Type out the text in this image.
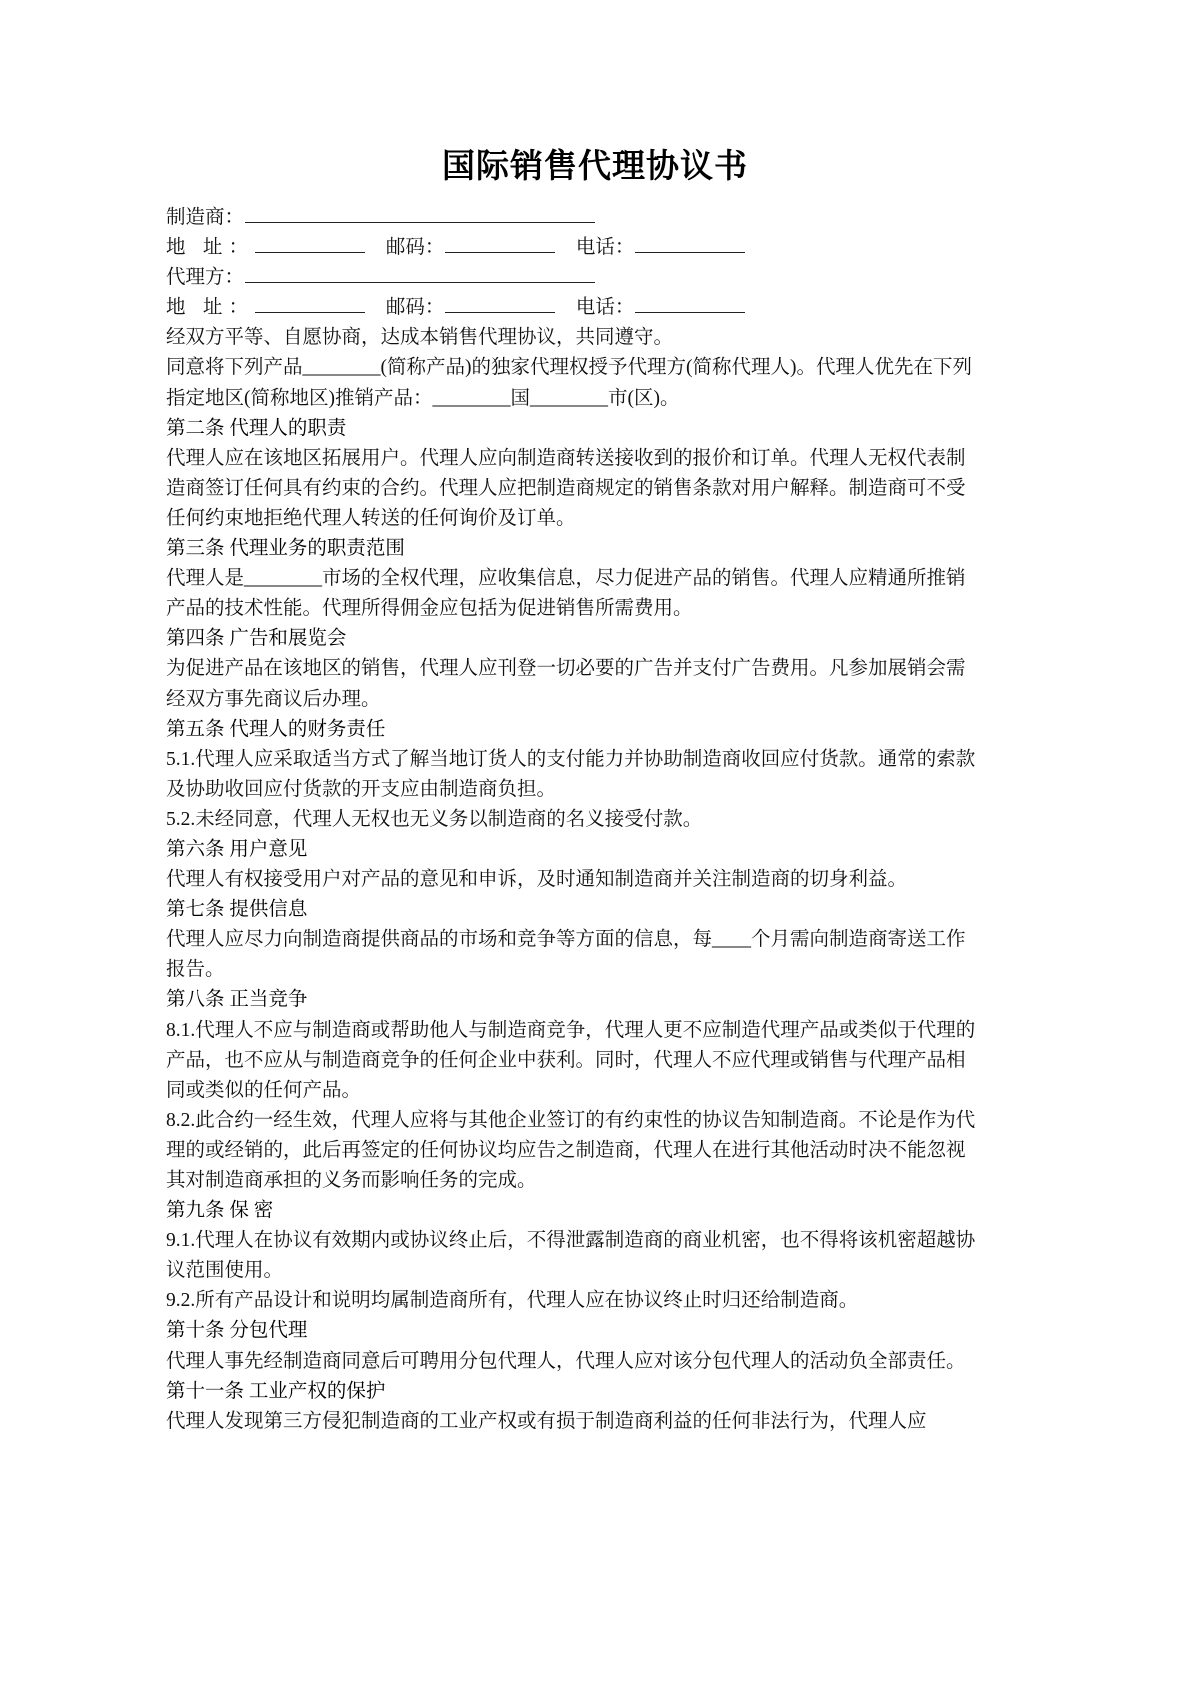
国际销售代理协议书
制造商：
地 址：	邮码：	电话：
代理方：
地 址：	邮码：	电话：
经双方平等、自愿协商，达成本销售代理协议，共同遵守。
同意将下列产品________(简称产品)的独家代理权授予代理方(简称代理人)。代理人优先在下列指定地区(简称地区)推销产品：________国________市(区)。
第二条 代理人的职责
代理人应在该地区拓展用户。代理人应向制造商转送接收到的报价和订单。代理人无权代表制造商签订任何具有约束的合约。代理人应把制造商规定的销售条款对用户解释。制造商可不受任何约束地拒绝代理人转送的任何询价及订单。
第三条 代理业务的职责范围
代理人是________市场的全权代理，应收集信息，尽力促进产品的销售。代理人应精通所推销产品的技术性能。代理所得佣金应包括为促进销售所需费用。
第四条 广告和展览会
为促进产品在该地区的销售，代理人应刊登一切必要的广告并支付广告费用。凡参加展销会需经双方事先商议后办理。
第五条 代理人的财务责任
5.1.代理人应采取适当方式了解当地订货人的支付能力并协助制造商收回应付货款。通常的索款及协助收回应付货款的开支应由制造商负担。
5.2.未经同意，代理人无权也无义务以制造商的名义接受付款。
第六条 用户意见
代理人有权接受用户对产品的意见和申诉，及时通知制造商并关注制造商的切身利益。
第七条 提供信息
代理人应尽力向制造商提供商品的市场和竞争等方面的信息，每____个月需向制造商寄送工作报告。
第八条 正当竞争
8.1.代理人不应与制造商或帮助他人与制造商竞争，代理人更不应制造代理产品或类似于代理的产品，也不应从与制造商竞争的任何企业中获利。同时，代理人不应代理或销售与代理产品相同或类似的任何产品。
8.2.此合约一经生效，代理人应将与其他企业签订的有约束性的协议告知制造商。不论是作为代理的或经销的，此后再签定的任何协议均应告之制造商，代理人在进行其他活动时决不能忽视其对制造商承担的义务而影响任务的完成。
第九条 保 密
9.1.代理人在协议有效期内或协议终止后，不得泄露制造商的商业机密，也不得将该机密超越协议范围使用。
9.2.所有产品设计和说明均属制造商所有，代理人应在协议终止时归还给制造商。
第十条 分包代理
代理人事先经制造商同意后可聘用分包代理人，代理人应对该分包代理人的活动负全部责任。
第十一条 工业产权的保护
代理人发现第三方侵犯制造商的工业产权或有损于制造商利益的任何非法行为，代理人应
